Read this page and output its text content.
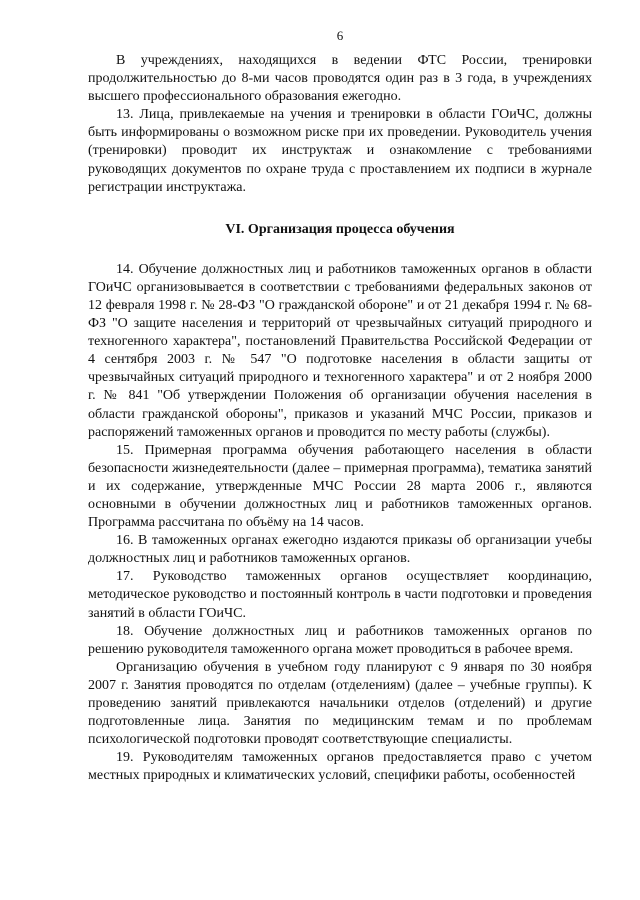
6

В учреждениях, находящихся в ведении ФТС России, тренировки продолжительностью до 8-ми часов проводятся один раз в 3 года, в учреждениях высшего профессионального образования ежегодно.

13. Лица, привлекаемые на учения и тренировки в области ГОиЧС, должны быть информированы о возможном риске при их проведении. Руководитель учения (тренировки) проводит их инструктаж и ознакомление с требованиями руководящих документов по охране труда с проставлением их подписи в журнале регистрации инструктажа.

VI. Организация процесса обучения

14. Обучение должностных лиц и работников таможенных органов в области ГОиЧС организовывается в соответствии с требованиями федеральных законов от 12 февраля 1998 г. № 28-ФЗ "О гражданской обороне" и от 21 декабря 1994 г. № 68-ФЗ "О защите населения и территорий от чрезвычайных ситуаций природного и техногенного характера", постановлений Правительства Российской Федерации от 4 сентября 2003 г. № 547 "О подготовке населения в области защиты от чрезвычайных ситуаций природного и техногенного характера" и от 2 ноября 2000 г. № 841 "Об утверждении Положения об организации обучения населения в области гражданской обороны", приказов и указаний МЧС России, приказов и распоряжений таможенных органов и проводится по месту работы (службы).

15. Примерная программа обучения работающего населения в области безопасности жизнедеятельности (далее – примерная программа), тематика занятий и их содержание, утвержденные МЧС России 28 марта 2006 г., являются основными в обучении должностных лиц и работников таможенных органов. Программа рассчитана по объёму на 14 часов.

16. В таможенных органах ежегодно издаются приказы об организации учебы должностных лиц и работников таможенных органов.

17. Руководство таможенных органов осуществляет координацию, методическое руководство и постоянный контроль в части подготовки и проведения занятий в области ГОиЧС.

18. Обучение должностных лиц и работников таможенных органов по решению руководителя таможенного органа может проводиться в рабочее время.

Организацию обучения в учебном году планируют с 9 января по 30 ноября 2007 г. Занятия проводятся по отделам (отделениям) (далее – учебные группы). К проведению занятий привлекаются начальники отделов (отделений) и другие подготовленные лица. Занятия по медицинским темам и по проблемам психологической подготовки проводят соответствующие специалисты.

19. Руководителям таможенных органов предоставляется право с учетом местных природных и климатических условий, специфики работы, особенностей
